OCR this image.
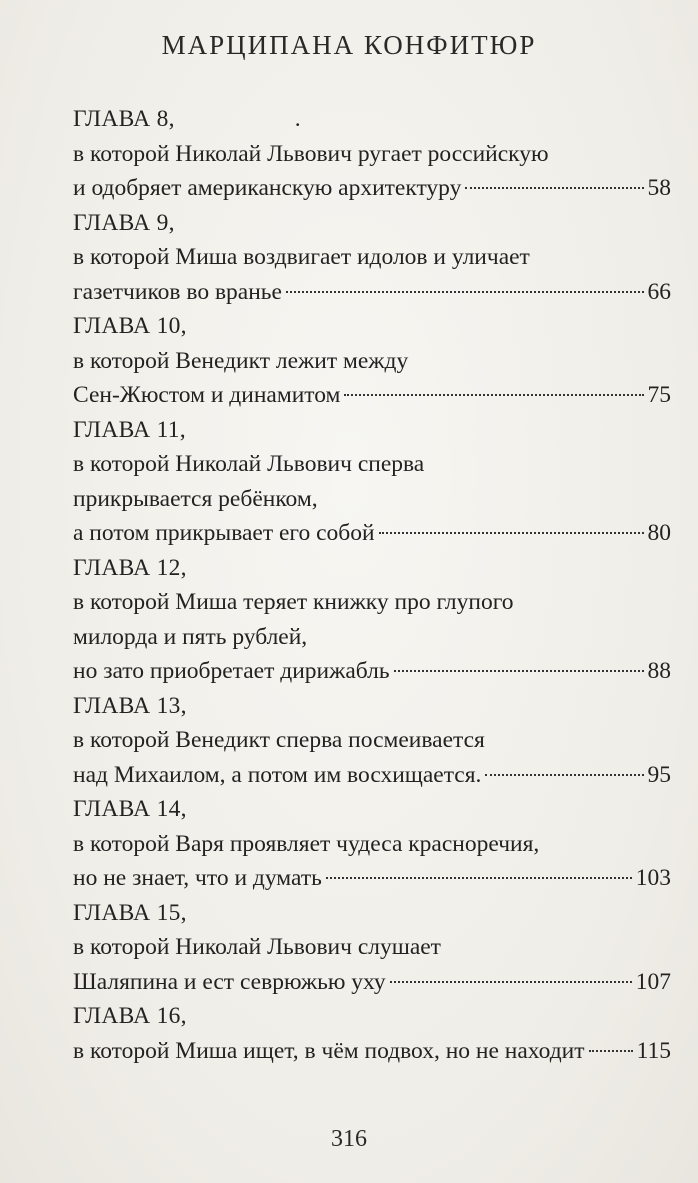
МАРЦИПАНА КОНФИТЮР
ГЛАВА 8,	.
в которой Николай Львович ругает российскую
и одобряет американскую архитектуру	58
ГЛАВА 9,
в которой Миша воздвигает идолов и уличает
газетчиков во вранье	66
ГЛАВА 10,
в которой Венедикт лежит между
Сен-Жюстом и динамитом	75
ГЛАВА 11,
в которой Николай Львович сперва
прикрывается ребёнком,
а потом прикрывает его собой	80
ГЛАВА 12,
в которой Миша теряет книжку про глупого
милорда и пять рублей,
но зато приобретает дирижабль	88
ГЛАВА 13,
в которой Венедикт сперва посмеивается
над Михаилом, а потом им восхищается.	95
ГЛАВА 14,
в которой Варя проявляет чудеса красноречия,
но не знает, что и думать	103
ГЛАВА 15,
в которой Николай Львович слушает
Шаляпина и ест севрюжью уху	107
ГЛАВА 16,
в которой Миша ищет, в чём подвох, но не находит 115
316
